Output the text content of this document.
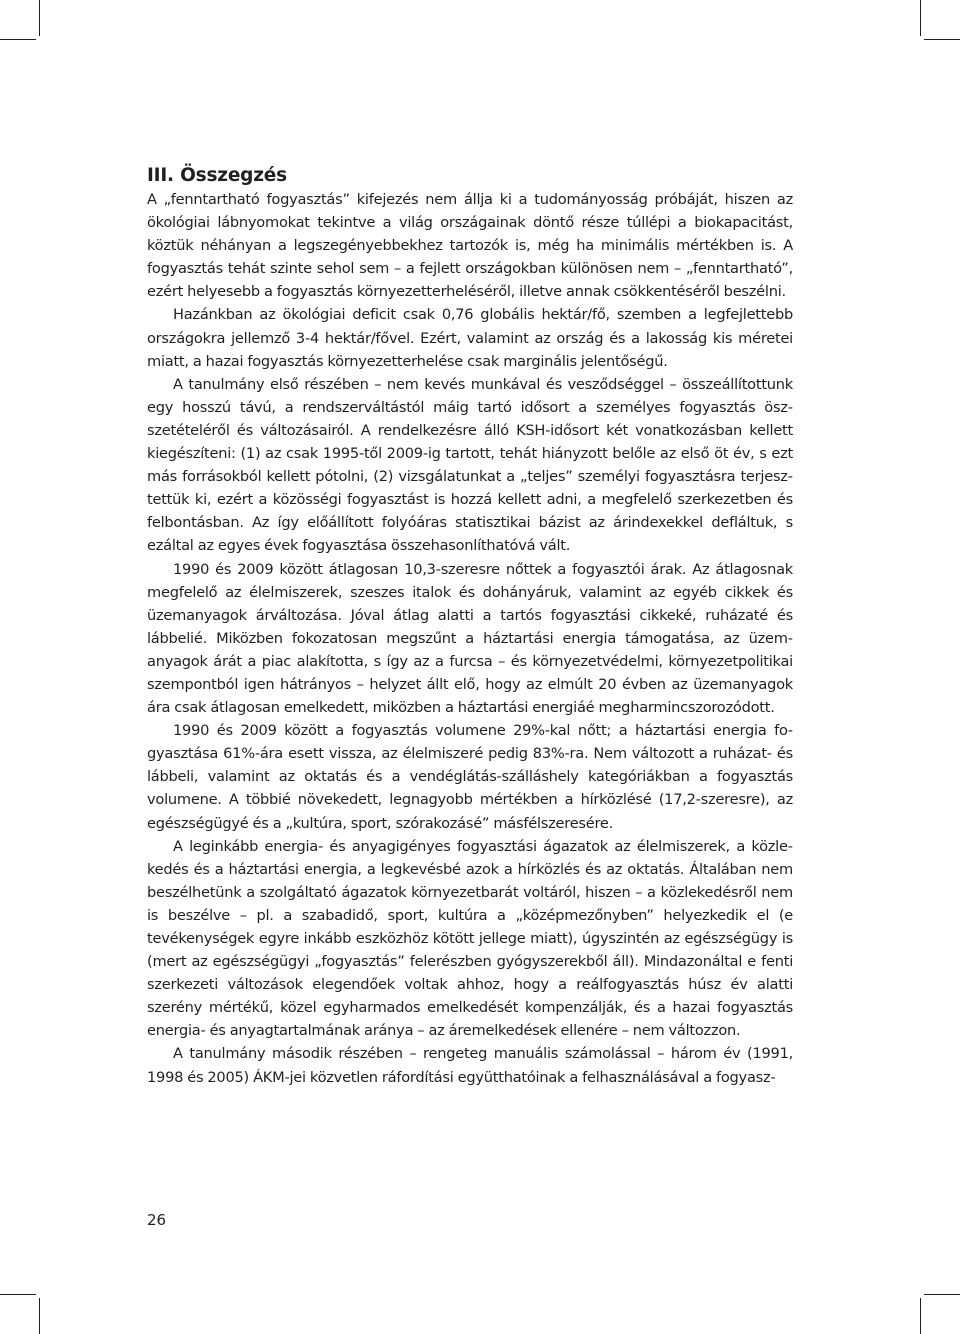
III. Összegzés

A „fenntartható fogyasztás” kifejezés nem állja ki a tudományosság próbáját, hiszen az ökológiai lábnyomokat tekintve a világ országainak döntő része túllépi a biokapacitást, köztük néhányan a legszegényebbekhez tartozók is, még ha minimális mértékben is. A fogyasztás tehát szinte sehol sem – a fejlett országokban különösen nem – „fenntartható”, ezért helyesebb a fogyasztás környezetterheléséről, illetve annak csökkentéséről beszélni.

Hazánkban az ökológiai deficit csak 0,76 globális hektár/fő, szemben a legfejlettebb országokra jellemző 3-4 hektár/fővel. Ezért, valamint az ország és a lakosság kis méretei miatt, a hazai fogyasztás környezetterhelése csak marginális jelentőségű.

A tanulmány első részében – nem kevés munkával és vesződséggel – összeállítottunk egy hosszú távú, a rendszerváltástól máig tartó idősort a személyes fogyasztás öszszetételéről és változásairól. A rendelkezésre álló KSH-idősort két vonatkozásban kellett kiegészíteni: (1) az csak 1995-től 2009-ig tartott, tehát hiányzott belőle az első öt év, s ezt más forrásokból kellett pótolni, (2) vizsgálatunkat a „teljes” személyi fogyasztásra terjesztettük ki, ezért a közösségi fogyasztást is hozzá kellett adni, a megfelelő szerkezetben és felbontásban. Az így előállított folyóáras statisztikai bázist az árindexekkel defláltuk, s ezáltal az egyes évek fogyasztása összehasonlíthatóvá vált.

1990 és 2009 között átlagosan 10,3-szeresre nőttek a fogyasztói árak. Az átlagosnak megfelelő az élelmiszerek, szeszes italok és dohányáruk, valamint az egyéb cikkek és üzemanyagok árváltozása. Jóval átlag alatti a tartós fogyasztási cikkeké, ruházaté és lábbelié. Miközben fokozatosan megszűnt a háztartási energia támogatása, az üzemanyagok árát a piac alakította, s így az a furcsa – és környezetvédelmi, környezetpolitikai szempontból igen hátrányos – helyzet állt elő, hogy az elmúlt 20 évben az üzemanyagok ára csak átlagosan emelkedett, miközben a háztartási energiáé megharmincszorozódott.

1990 és 2009 között a fogyasztás volumene 29%-kal nőtt; a háztartási energia fogyasztása 61%-ára esett vissza, az élelmiszeré pedig 83%-ra. Nem változott a ruházat- és lábbeli, valamint az oktatás és a vendéglátás-szálláshely kategóriákban a fogyasztás volumene. A többié növekedett, legnagyobb mértékben a hírközlésé (17,2-szeresre), az egészségügyé és a „kultúra, sport, szórakozásé” másfélszeresére.

A leginkább energia- és anyagigényes fogyasztási ágazatok az élelmiszerek, a közlekedés és a háztartási energia, a legkevésbé azok a hírközlés és az oktatás. Általában nem beszélhetünk a szolgáltató ágazatok környezetbarát voltáról, hiszen – a közlekedésről nem is beszélve – pl. a szabadidő, sport, kultúra a „középmezőnyben” helyezkedik el (e tevékenységek egyre inkább eszközhöz kötött jellege miatt), úgyszintén az egészségügy is (mert az egészségügyi „fogyasztás” felerészben gyógyszerekből áll). Mindazonáltal e fenti szerkezeti változások elegendőek voltak ahhoz, hogy a reálfogyasztás húsz év alatti szerény mértékű, közel egyharmados emelkedését kompenzálják, és a hazai fogyasztás energia- és anyagtartalmának aránya – az áremelkedések ellenére – nem változzon.

A tanulmány második részében – rengeteg manuális számolással – három év (1991, 1998 és 2005) ÁKM-jei közvetlen ráfordítási együtthatóinak a felhasználásával a fogyasz-

26
